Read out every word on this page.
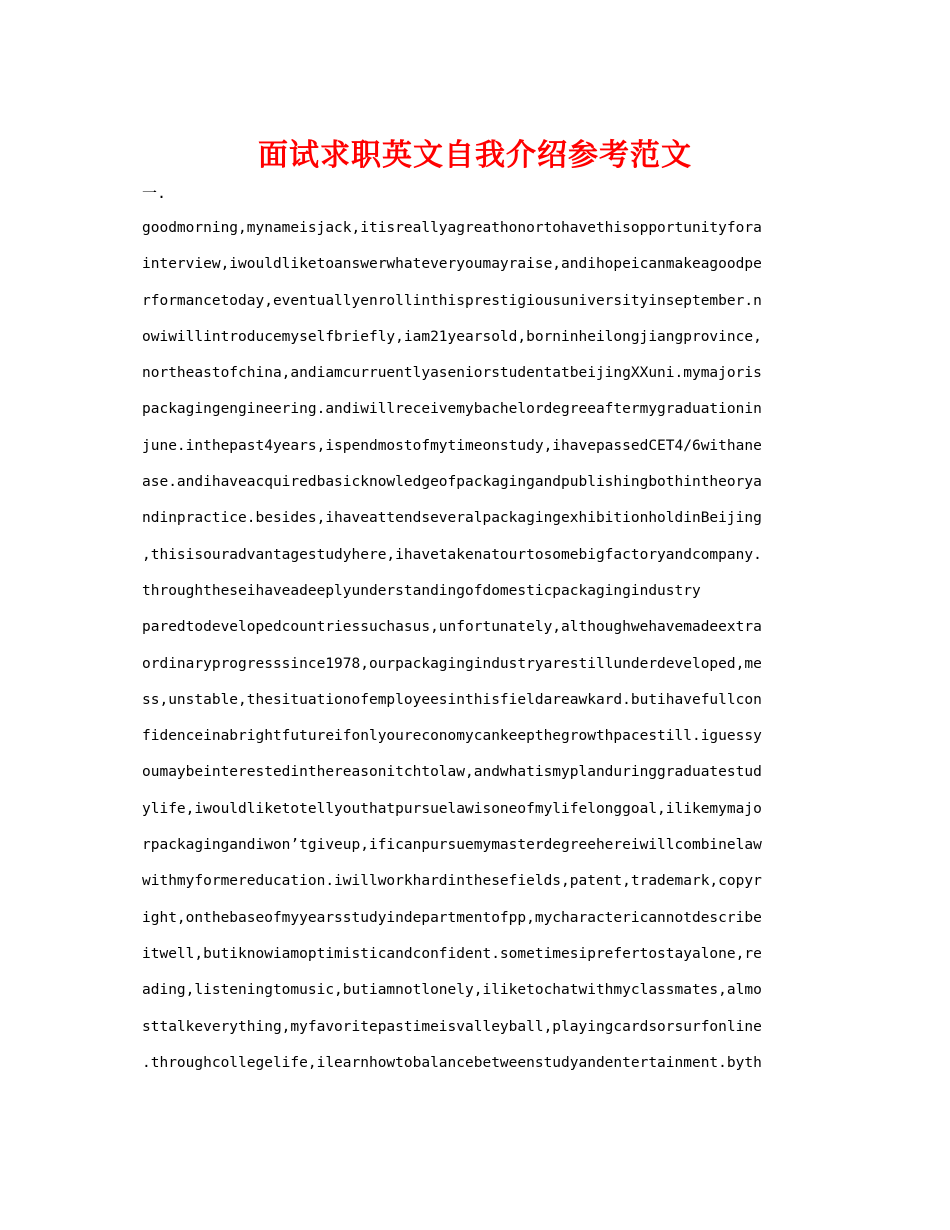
面试求职英文自我介绍参考范文
一.
goodmorning,mynameisjack,itisreallyagreathonortohavethisopportunityfora
interview,iwouldliketoanswerwhateveryoumayraise,andihopeicanmakeagoodpe
rformancetoday,eventuallyenrollinthisprestigiousuniversityinseptember.n
owiwillintroducemyselfbriefly,iam21yearsold,borninheilongjiangprovince,
northeastofchina,andiamcurruentlyaseniorstudentatbeijingXXuni.mymajoris
packagingengineering.andiwillreceivemybachelordegreeaftermygraduationin
june.inthepast4years,ispendmostofmytimeonstudy,ihavepassedCET4/6withane
ase.andihaveacquiredbasicknowledgeofpackagingandpublishingbothintheorya
ndinpractice.besides,ihaveattendseveralpackagingexhibitionholdinBeijing
,thisisouradvantagestudyhere,ihavetakenatourtosomebigfactoryandcompany.
throughtheseihaveadeeplyunderstandingofdomesticpackagingindustry
paredtodevelopedcountriessuchasus,unfortunately,althoughwehavemadeextra
ordinaryprogresssince1978,ourpackagingindustryarestillunderdeveloped,me
ss,unstable,thesituationofemployeesinthisfieldareawkard.butihavefullcon
fidenceinabrightfutureifonlyoureconomycankeepthegrowthpacestill.iguessy
oumaybeinterestedinthereasonitchtolaw,andwhatismyplanduringgraduatestud
ylife,iwouldliketotellyouthatpursuelawisoneofmylifelonggoal,ilikemymajo
rpackagingandiwon’tgiveup,ificanpursuemymasterdegreehereiwillcombinelaw
withmyformereducation.iwillworkhardinthesefields,patent,trademark,copyr
ight,onthebaseofmyyearsstudyindepartmentofpp,mycharactericannotdescribe
itwell,butiknowiamoptimisticandconfident.sometimesiprefertostayalone,re
ading,listeningtomusic,butiamnotlonely,iliketochatwithmyclassmates,almo
sttalkeverything,myfavoritepastimeisvalleyball,playingcardsorsurfonline
.throughcollegelife,ilearnhowtobalancebetweenstudyandentertainment.byth
